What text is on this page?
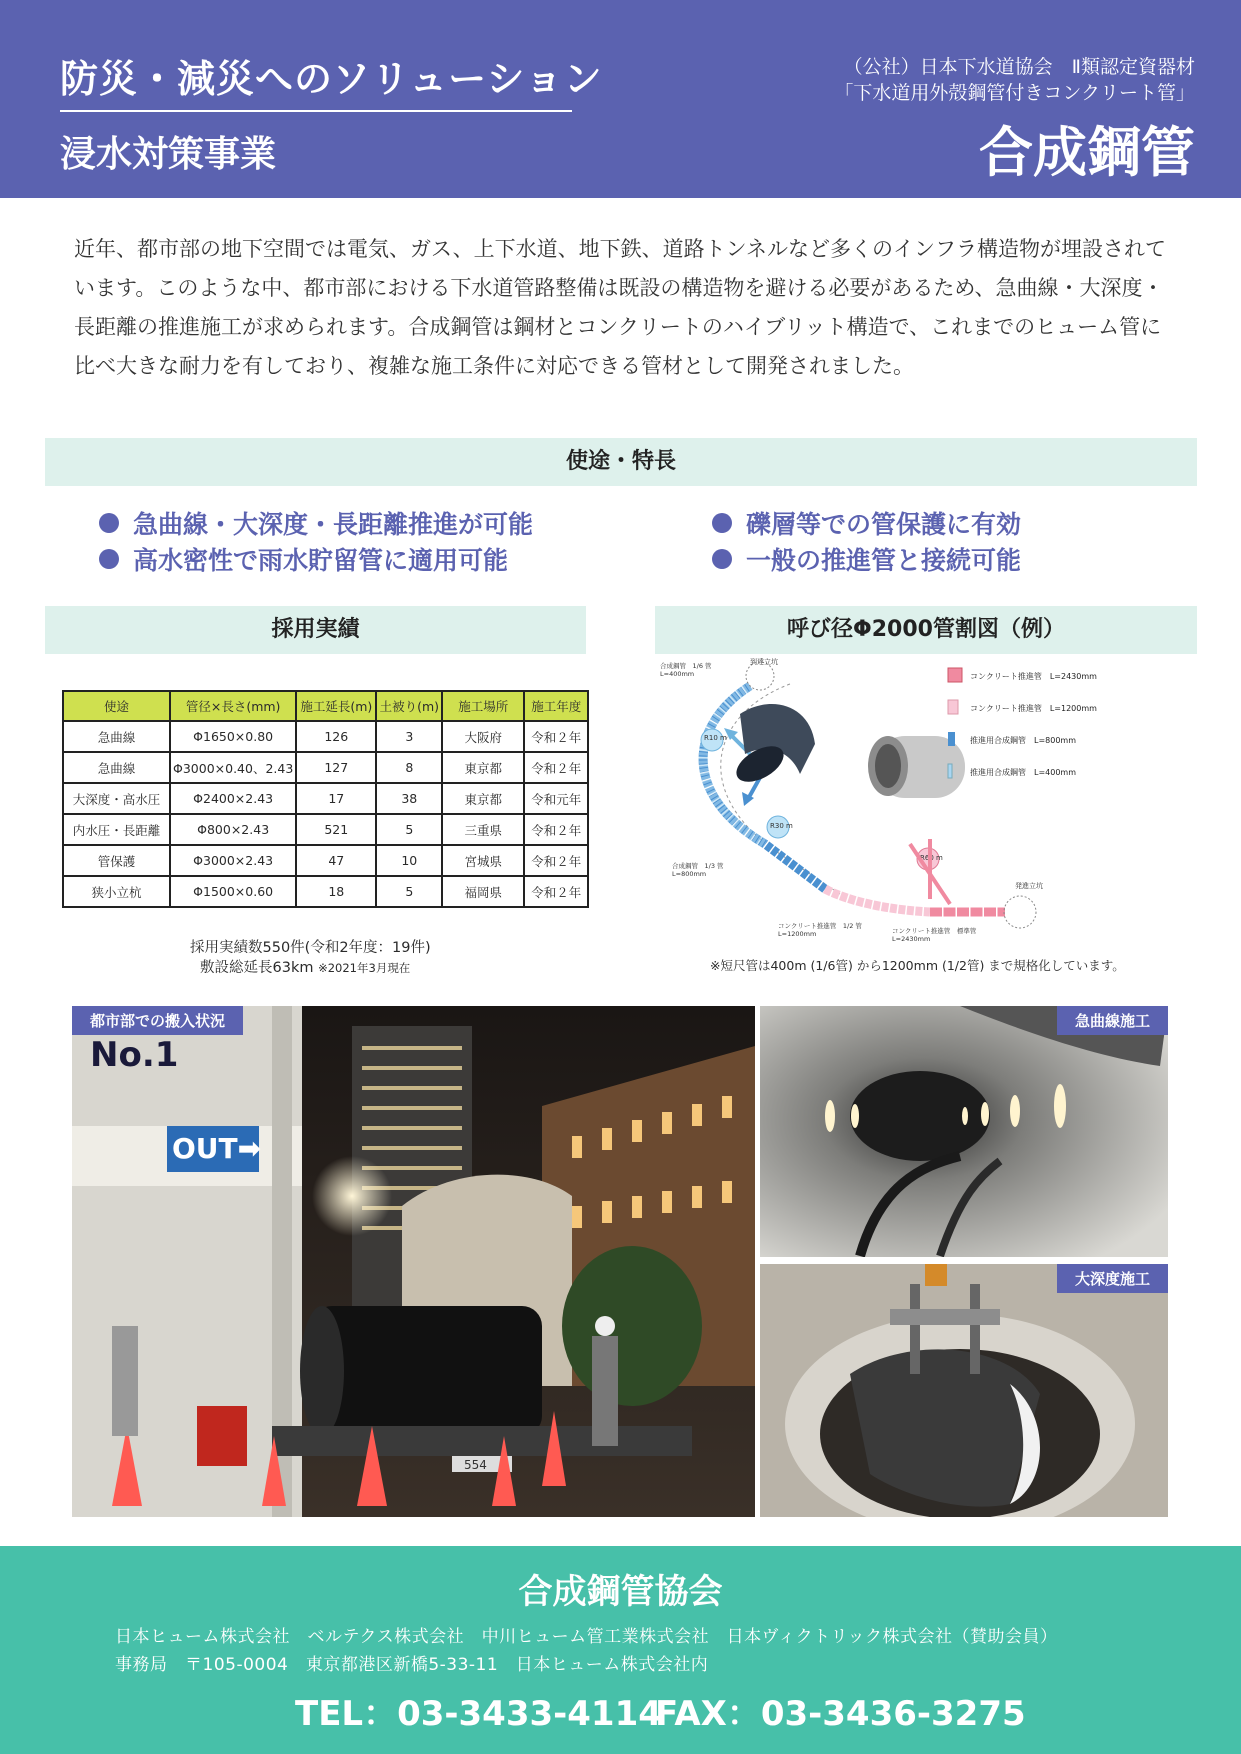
防災・減災へのソリューション
浸水対策事業
（公社）日本下水道協会　Ⅱ類認定資器材
「下水道用外殻鋼管付きコンクリート管」
合成鋼管
近年、都市部の地下空間では電気、ガス、上下水道、地下鉄、道路トンネルなど多くのインフラ構造物が埋設されています。このような中、都市部における下水道管路整備は既設の構造物を避ける必要があるため、急曲線・大深度・長距離の推進施工が求められます。合成鋼管は鋼材とコンクリートのハイブリット構造で、これまでのヒューム管に比べ大きな耐力を有しており、複雑な施工条件に対応できる管材として開発されました。
使途・特長
急曲線・大深度・長距離推進が可能
高水密性で雨水貯留管に適用可能
礫層等での管保護に有効
一般の推進管と接続可能
採用実績
使途	管径×長さ(mm)	施工延長(m)	土被り(m)	施工場所	施工年度
急曲線	Φ1650×0.80	126	3	大阪府	令和２年
急曲線	Φ3000×0.40、2.43	127	8	東京都	令和２年
大深度・高水圧	Φ2400×2.43	17	38	東京都	令和元年
内水圧・長距離	Φ800×2.43	521	5	三重県	令和２年
管保護	Φ3000×2.43	47	10	宮城県	令和２年
狭小立杭	Φ1500×0.60	18	5	福岡県	令和２年
採用実績数550件(令和2年度：19件)
敷設総延長63km ※2021年3月現在
呼び径Φ2000管割図（例）
到達立坑
発進立坑
合成鋼管　1/6 管
L=400mm
合成鋼管　1/3 管
L=800mm
コンクリート推進管　1/2 管
L=1200mm	コンクリート推進管　標準管
L=2430mm
R10 m
R30 m
R60 m
コンクリート推進管　L=2430mm
コンクリート推進管　L=1200mm
推進用合成鋼管　L=800mm
推進用合成鋼管　L=400mm
※短尺管は400m (1/6管) から1200mm (1/2管) まで規格化しています。
No.1
OUT➡
554
都市部での搬入状況	急曲線施工
大深度施工
合成鋼管協会
日本ヒューム株式会社　ベルテクス株式会社　中川ヒューム管工業株式会社　日本ヴィクトリック株式会社（賛助会員）
事務局　〒105-0004　東京都港区新橋5-33-11　日本ヒューム株式会社内
TEL：03-3433-4114
FAX：03-3436-3275
